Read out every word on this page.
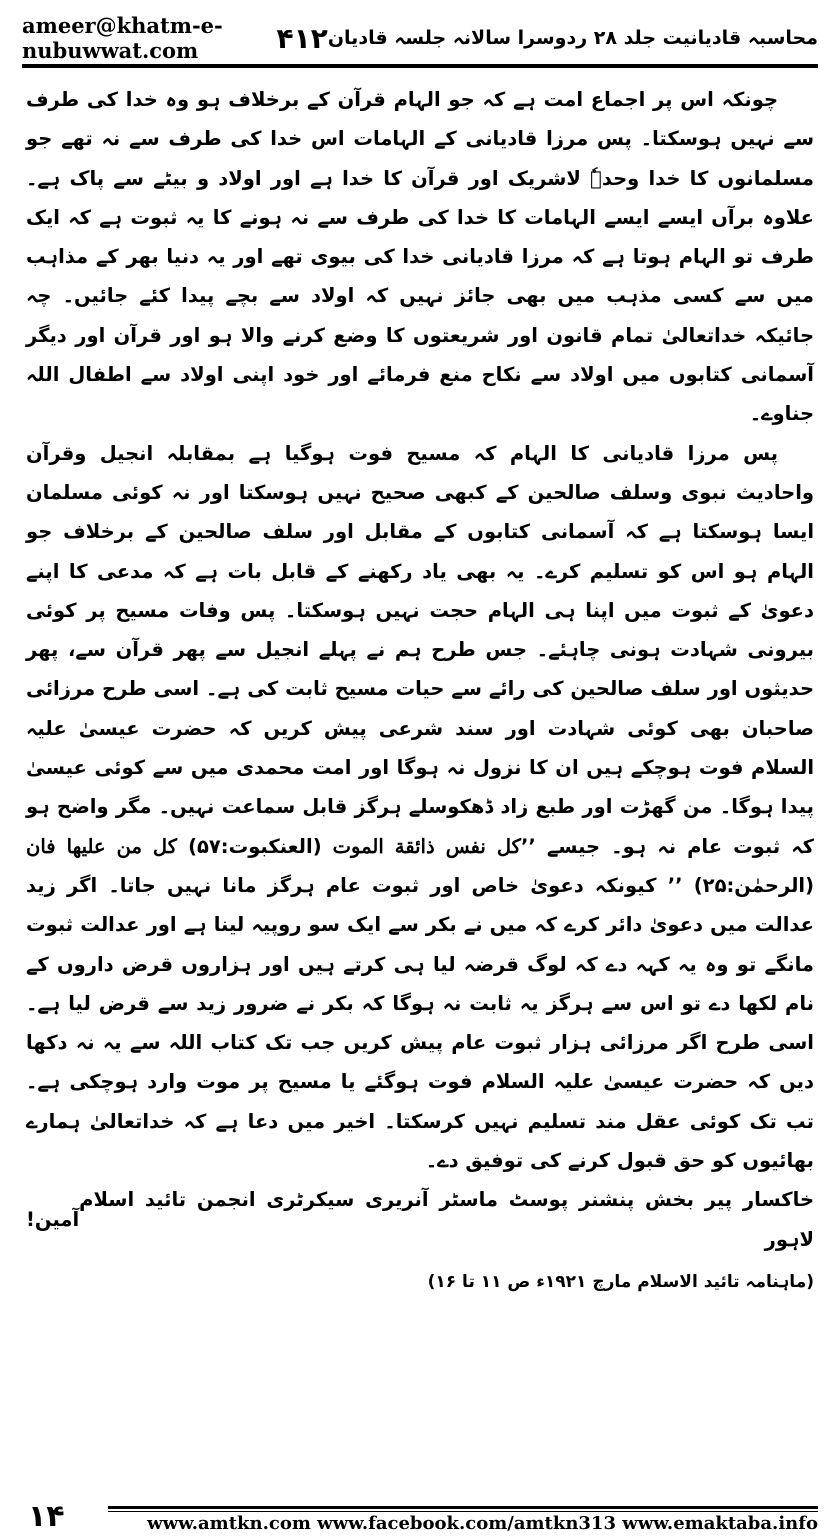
ameer@khatm-e-nubuwwat.com	محاسبہ قادیانیت جلد ۲۸ ردوسرا سالانہ جلسہ قادیان
۴۱۲

چونکہ اس پر اجماع امت ہے کہ جو الہام قرآن کے برخلاف ہو وہ خدا کی طرف سے نہیں ہوسکتا۔ پس مرزا قادیانی کے الہامات اس خدا کی طرف سے نہ تھے جو مسلمانوں کا خدا وحدہٗ لاشریک اور قرآن کا خدا ہے اور اولاد و بیٹے سے پاک ہے۔ علاوہ برآں ایسے ایسے الہامات کا خدا کی طرف سے نہ ہونے کا یہ ثبوت ہے کہ ایک طرف تو الہام ہوتا ہے کہ مرزا قادیانی خدا کی بیوی تھے اور یہ دنیا بھر کے مذاہب میں سے کسی مذہب میں بھی جائز نہیں کہ اولاد سے بچے پیدا کئے جائیں۔ چہ جائیکہ خداتعالیٰ تمام قانون اور شریعتوں کا وضع کرنے والا ہو اور قرآن اور دیگر آسمانی کتابوں میں اولاد سے نکاح منع فرمائے اور خود اپنی اولاد سے اطفال اللہ جناوے۔

پس مرزا قادیانی کا الہام کہ مسیح فوت ہوگیا ہے بمقابلہ انجیل وقرآن واحادیث نبوی وسلف صالحین کے کبھی صحیح نہیں ہوسکتا اور نہ کوئی مسلمان ایسا ہوسکتا ہے کہ آسمانی کتابوں کے مقابل اور سلف صالحین کے برخلاف جو الہام ہو اس کو تسلیم کرے۔ یہ بھی یاد رکھنے کے قابل بات ہے کہ مدعی کا اپنے دعویٰ کے ثبوت میں اپنا ہی الہام حجت نہیں ہوسکتا۔ پس وفات مسیح پر کوئی بیرونی شہادت ہونی چاہئے۔ جس طرح ہم نے پہلے انجیل سے پھر قرآن سے، پھر حدیثوں اور سلف صالحین کی رائے سے حیات مسیح ثابت کی ہے۔ اسی طرح مرزائی صاحبان بھی کوئی شہادت اور سند شرعی پیش کریں کہ حضرت عیسیٰ علیہ السلام فوت ہوچکے ہیں ان کا نزول نہ ہوگا اور امت محمدی میں سے کوئی عیسیٰ پیدا ہوگا۔ من گھڑت اور طبع زاد ڈھکوسلے ہرگز قابل سماعت نہیں۔ مگر واضح ہو کہ ثبوت عام نہ ہو۔ جیسے ’’کل نفس ذائقة الموت (العنکبوت:۵۷) کل من علیها فان (الرحمٰن:۲۵) ’’ کیونکہ دعویٰ خاص اور ثبوت عام ہرگز مانا نہیں جاتا۔ اگر زید عدالت میں دعویٰ دائر کرے کہ میں نے بکر سے ایک سو روپیہ لینا ہے اور عدالت ثبوت مانگے تو وہ یہ کہہ دے کہ لوگ قرضہ لیا ہی کرتے ہیں اور ہزاروں قرض داروں کے نام لکھا دے تو اس سے ہرگز یہ ثابت نہ ہوگا کہ بکر نے ضرور زید سے قرض لیا ہے۔ اسی طرح اگر مرزائی ہزار ثبوت عام پیش کریں جب تک کتاب اللہ سے یہ نہ دکھا دیں کہ حضرت عیسیٰ علیہ السلام فوت ہوگئے یا مسیح پر موت وارد ہوچکی ہے۔ تب تک کوئی عقل مند تسلیم نہیں کرسکتا۔ اخیر میں دعا ہے کہ خداتعالیٰ ہمارے بھائیوں کو حق قبول کرنے کی توفیق دے۔

خاکسار پیر بخش پنشنر پوسٹ ماسٹر آنریری سیکرٹری انجمن تائید اسلام لاہور
آمین!

(ماہنامہ تائید الاسلام مارچ ۱۹۲۱ء ص ۱۱ تا ۱۶)

۱۴	www.amtkn.com www.facebook.com/amtkn313 www.emaktaba.info
